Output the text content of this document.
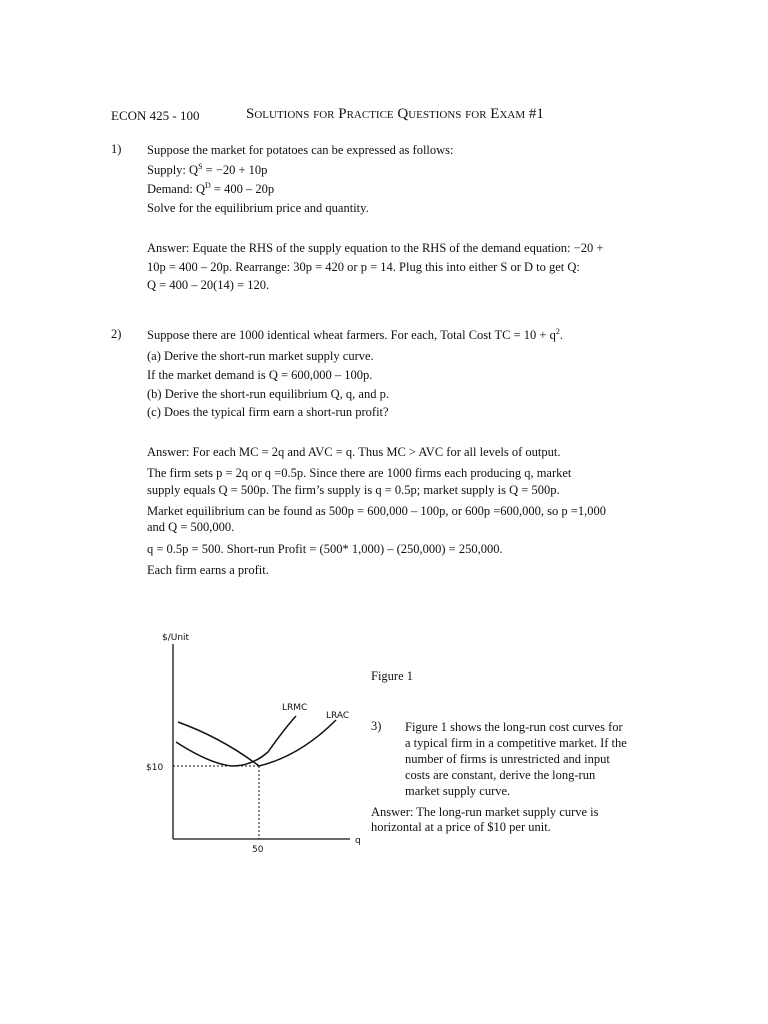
ECON 425 - 100	Solutions for Practice Questions for Exam #1
1) Suppose the market for potatoes can be expressed as follows:
Supply: $Q^S = -20 + 10p$
Demand: $Q^D = 400 - 20p$
Solve for the equilibrium price and quantity.
Answer: Equate the RHS of the supply equation to the RHS of the demand equation: −20 +
10p = 400 – 20p. Rearrange: 30p = 420 or p = 14. Plug this into either S or D to get Q:
Q = 400 – 20(14) = 120.
2) Suppose there are 1000 identical wheat farmers. For each, Total Cost TC = $10 + q^2$.
(a) Derive the short-run market supply curve.
If the market demand is Q = 600,000 – 100p.
(b) Derive the short-run equilibrium Q, q, and p.
(c) Does the typical firm earn a short-run profit?
Answer: For each MC = 2q and AVC = q. Thus MC > AVC for all levels of output.
The firm sets p = 2q or q =0.5p. Since there are 1000 firms each producing q, market
supply equals Q = 500p. The firm’s supply is q = 0.5p; market supply is Q = 500p.
Market equilibrium can be found as 500p = 600,000 – 100p, or 600p =600,000, so p =1,000
and Q = 500,000.
q = 0.5p = 500. Short-run Profit = (500* 1,000) – (250,000) = 250,000.
Each firm earns a profit.
$/Unit
q
LRMC
LRAC
$10
50
Figure 1
3) Figure 1 shows the long-run cost curves for
a typical firm in a competitive market. If the
number of firms is unrestricted and input
costs are constant, derive the long-run
market supply curve.
Answer: The long-run market supply curve is
horizontal at a price of $10 per unit.
